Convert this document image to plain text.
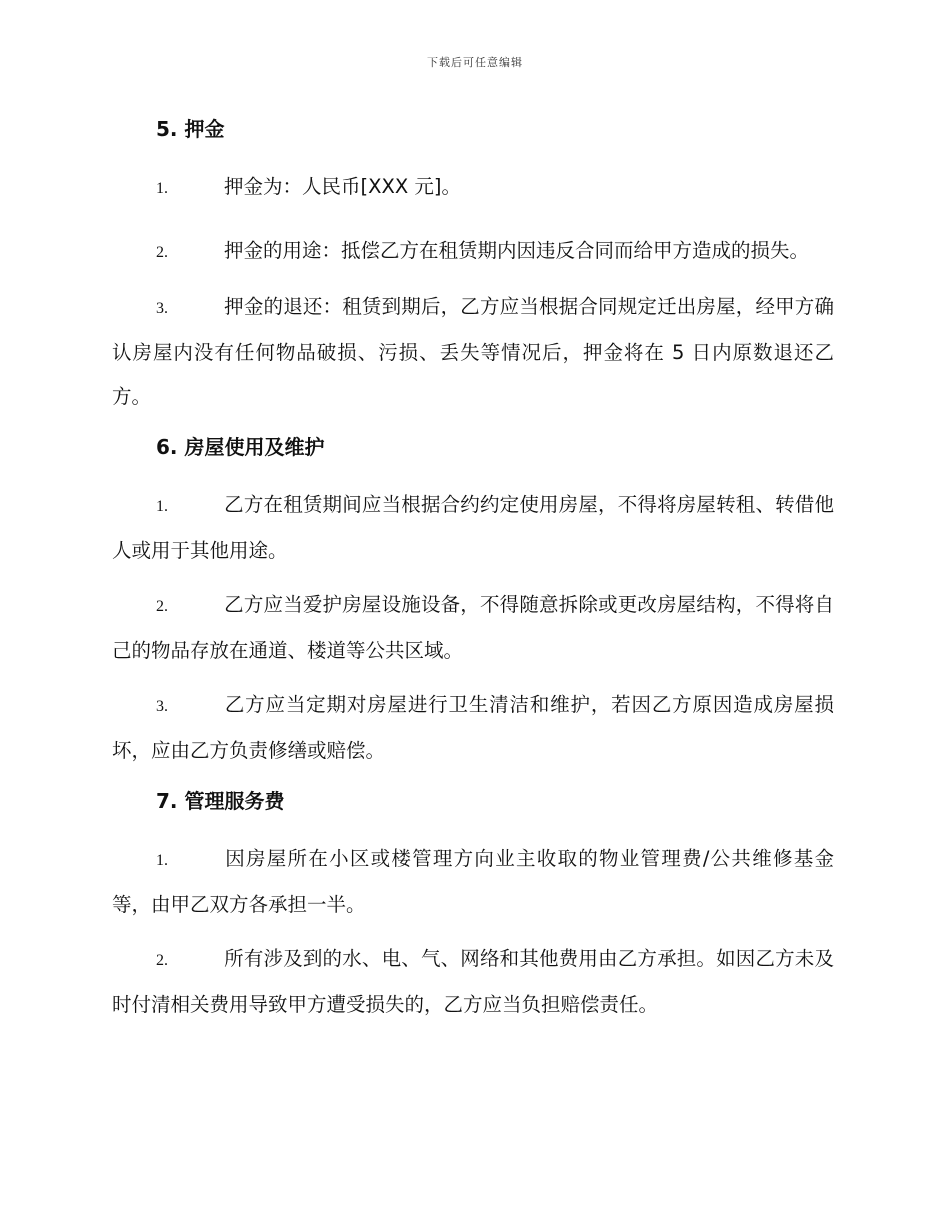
下载后可任意编辑
5. 押金

1.	押金为：人民币[XXX 元]。

2.	押金的用途：抵偿乙方在租赁期内因违反合同而给甲方造成的损失。

3.	押金的退还：租赁到期后，乙方应当根据合同规定迁出房屋，经甲方确认房屋内没有任何物品破损、污损、丢失等情况后，押金将在 5 日内原数退还乙方。

6. 房屋使用及维护

1.	乙方在租赁期间应当根据合约约定使用房屋，不得将房屋转租、转借他人或用于其他用途。

2.	乙方应当爱护房屋设施设备，不得随意拆除或更改房屋结构，不得将自己的物品存放在通道、楼道等公共区域。

3.	乙方应当定期对房屋进行卫生清洁和维护，若因乙方原因造成房屋损坏，应由乙方负责修缮或赔偿。

7. 管理服务费

1.	因房屋所在小区或楼管理方向业主收取的物业管理费/公共维修基金等，由甲乙双方各承担一半。

2.	所有涉及到的水、电、气、网络和其他费用由乙方承担。如因乙方未及时付清相关费用导致甲方遭受损失的，乙方应当负担赔偿责任。
